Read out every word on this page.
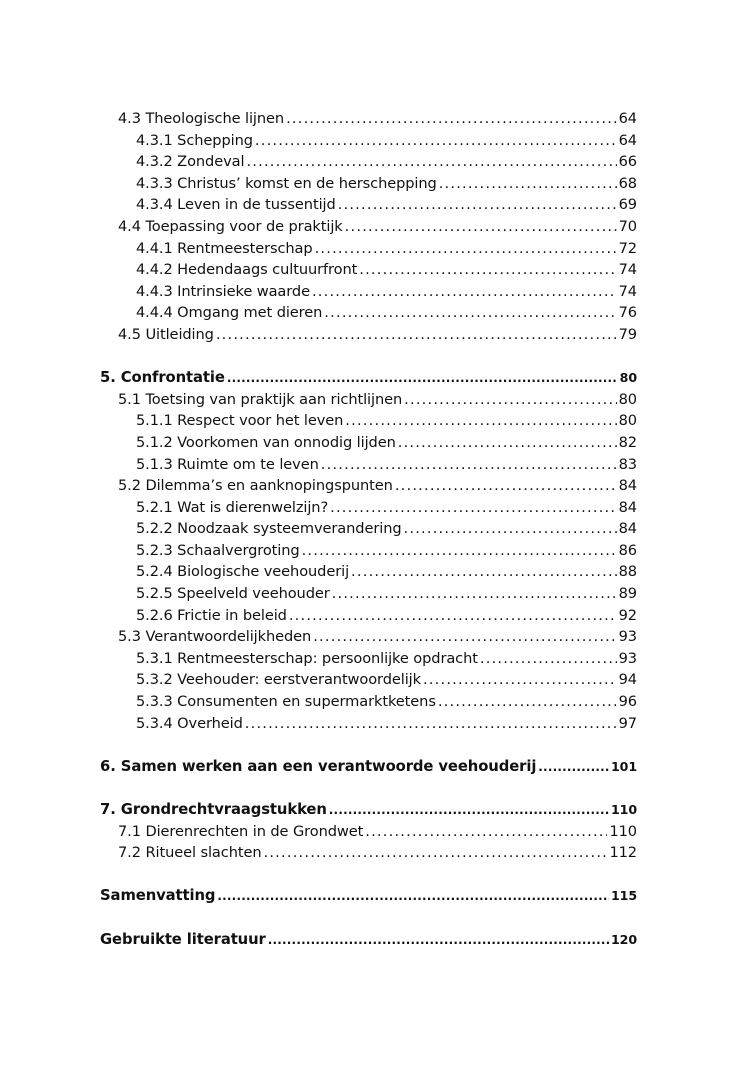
4.3 Theologische lijnen .....	64
4.3.1 Schepping .....	64
4.3.2 Zondeval .....	66
4.3.3 Christus’ komst en de herschepping .....	68
4.3.4 Leven in de tussentijd .....	69
4.4 Toepassing voor de praktijk .....	70
4.4.1 Rentmeesterschap .....	72
4.4.2 Hedendaags cultuurfront .....	74
4.4.3 Intrinsieke waarde .....	74
4.4.4 Omgang met dieren .....	76
4.5 Uitleiding .....	79
5. Confrontatie .....	80
5.1 Toetsing van praktijk aan richtlijnen .....	80
5.1.1 Respect voor het leven .....	80
5.1.2 Voorkomen van onnodig lijden .....	82
5.1.3 Ruimte om te leven .....	83
5.2 Dilemma’s en aanknopingspunten .....	84
5.2.1 Wat is dierenwelzijn? .....	84
5.2.2 Noodzaak systeemverandering .....	84
5.2.3 Schaalvergroting .....	86
5.2.4 Biologische veehouderij .....	88
5.2.5 Speelveld veehouder .....	89
5.2.6 Frictie in beleid .....	92
5.3 Verantwoordelijkheden .....	93
5.3.1 Rentmeesterschap: persoonlijke opdracht .....	93
5.3.2 Veehouder: eerstverantwoordelijk .....	94
5.3.3 Consumenten en supermarktketens .....	96
5.3.4 Overheid .....	97
6. Samen werken aan een verantwoorde veehouderij .....	101
7. Grondrechtvraagstukken .....	110
7.1 Dierenrechten in de Grondwet .....	110
7.2 Ritueel slachten .....	112
Samenvatting .....	115
Gebruikte literatuur .....	120
